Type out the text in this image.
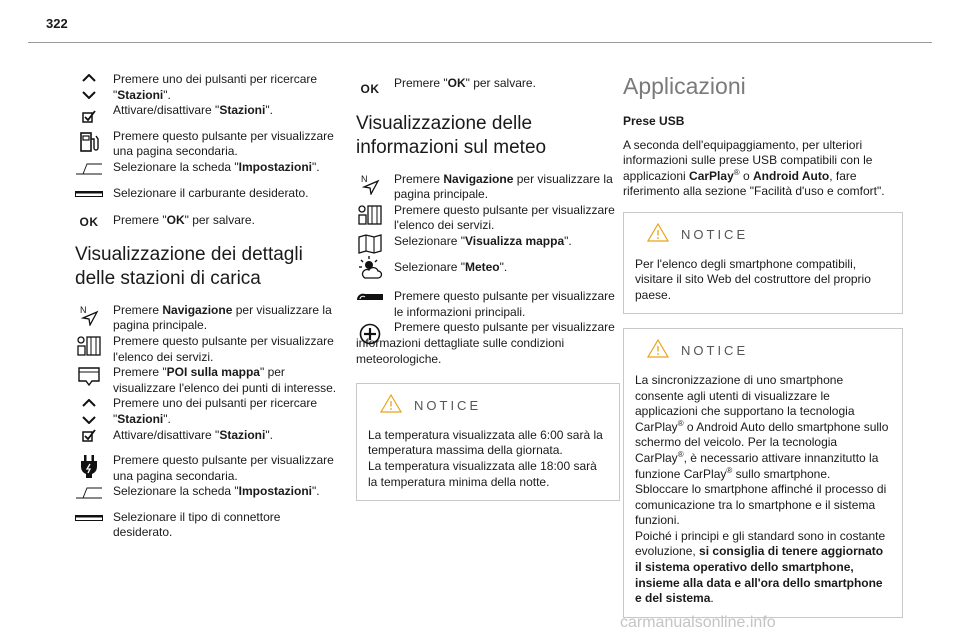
322
Premere uno dei pulsanti per ricercare "Stazioni".
Attivare/disattivare "Stazioni".
Premere questo pulsante per visualizzare una pagina secondaria.
Selezionare la scheda "Impostazioni".
Selezionare il carburante desiderato.
OK	Premere "OK" per salvare.
Visualizzazione dei dettagli delle stazioni di carica
N Premere Navigazione per visualizzare la pagina principale.
Premere questo pulsante per visualizzare l'elenco dei servizi.
Premere "POI sulla mappa" per visualizzare l'elenco dei punti di interesse.
Premere uno dei pulsanti per ricercare "Stazioni".
Attivare/disattivare "Stazioni".
Premere questo pulsante per visualizzare una pagina secondaria.
Selezionare la scheda "Impostazioni".
Selezionare il tipo di connettore desiderato.
OK	Premere "OK" per salvare.
Visualizzazione delle informazioni sul meteo
N Premere Navigazione per visualizzare la pagina principale.
Premere questo pulsante per visualizzare l'elenco dei servizi.
Selezionare "Visualizza mappa".
Selezionare "Meteo".
Premere questo pulsante per visualizzare le informazioni principali.
Premere questo pulsante per visualizzare informazioni dettagliate sulle condizioni meteorologiche.
NOTICE

La temperatura visualizzata alle 6:00 sarà la temperatura massima della giornata.

La temperatura visualizzata alle 18:00 sarà la temperatura minima della notte.

Applicazioni
Prese USB

A seconda dell'equipaggiamento, per ulteriori informazioni sulle prese USB compatibili con le applicazioni CarPlay® o Android Auto, fare riferimento alla sezione "Facilità d'uso e comfort".

NOTICE

Per l'elenco degli smartphone compatibili, visitare il sito Web del costruttore del proprio paese.

NOTICE

La sincronizzazione di uno smartphone consente agli utenti di visualizzare le applicazioni che supportano la tecnologia CarPlay® o Android Auto dello smartphone sullo schermo del veicolo. Per la tecnologia CarPlay®, è necessario attivare innanzitutto la funzione CarPlay® sullo smartphone.

Sbloccare lo smartphone affinché il processo di comunicazione tra lo smartphone e il sistema funzioni.

Poiché i principi e gli standard sono in costante evoluzione, si consiglia di tenere aggiornato il sistema operativo dello smartphone, insieme alla data e all'ora dello smartphone e del sistema.

carmanualsonline.info
